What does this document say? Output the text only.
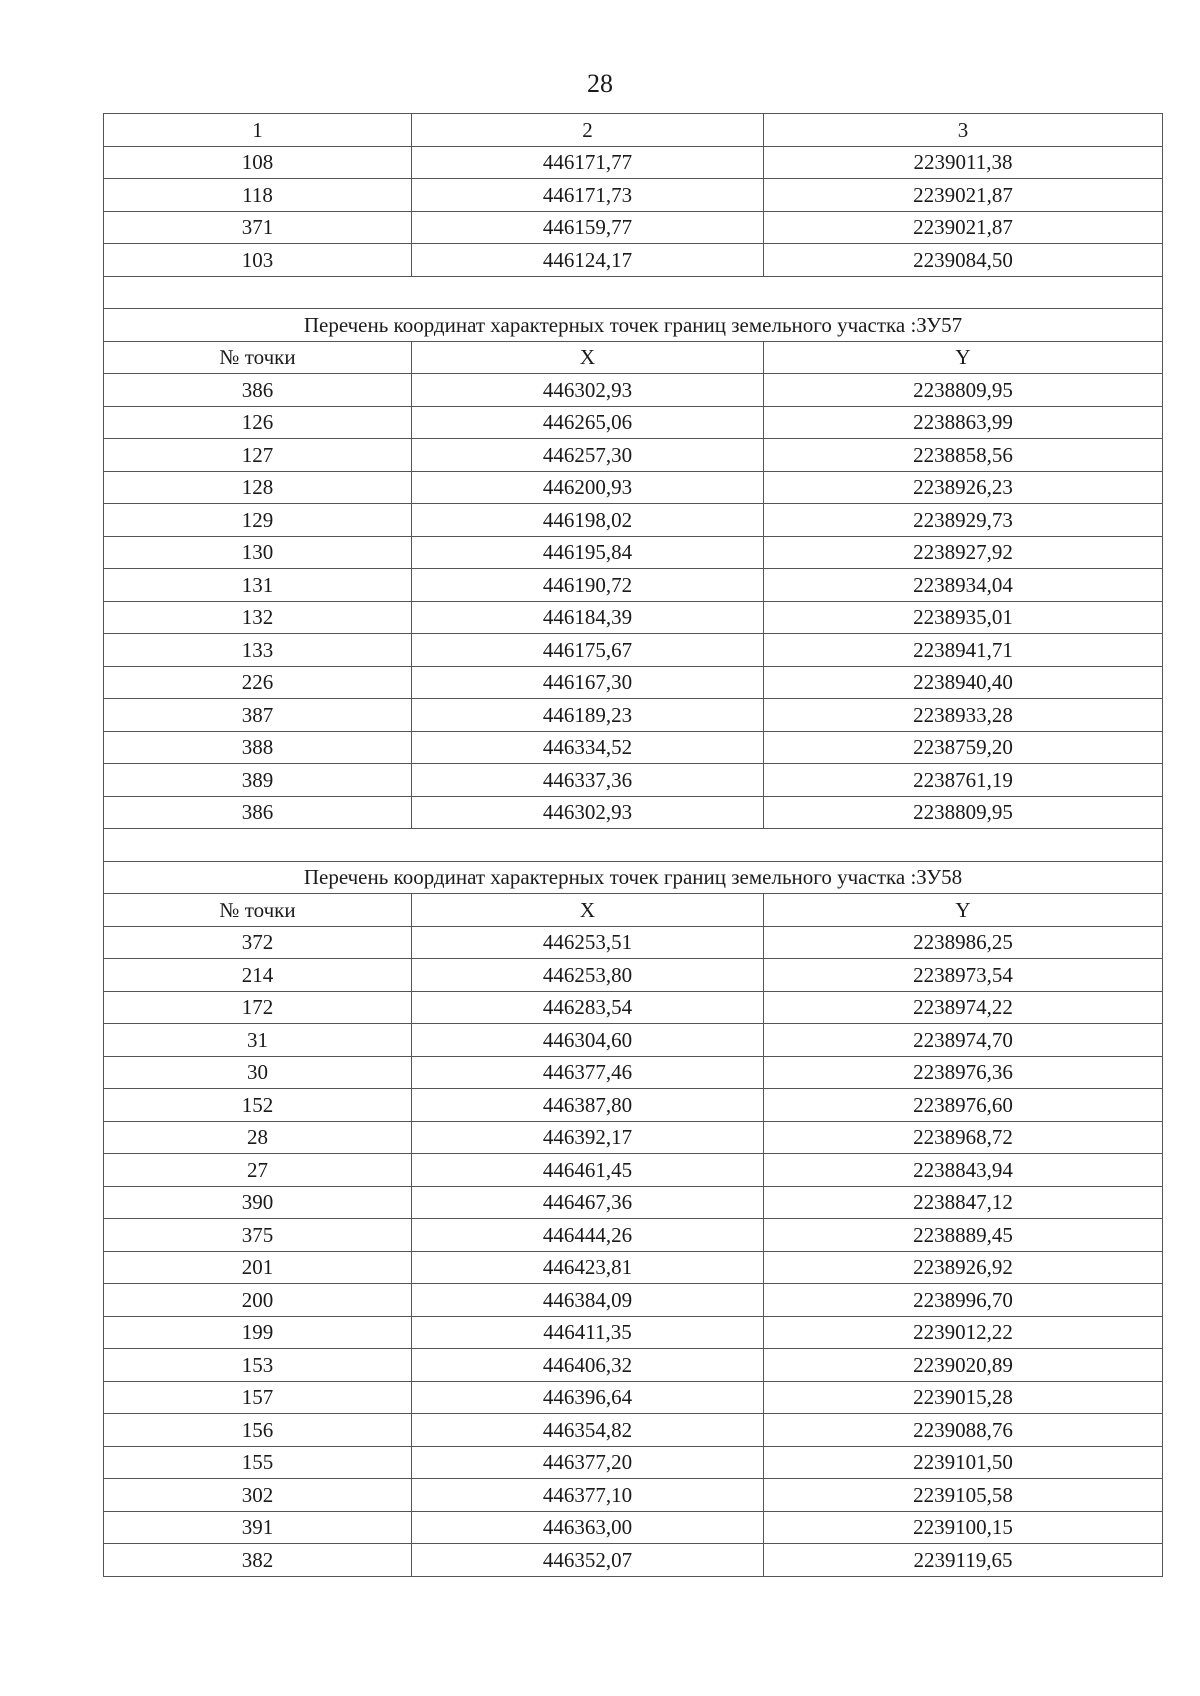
28
1	2	3
108	446171,77	2239011,38
118	446171,73	2239021,87
371	446159,77	2239021,87
103	446124,17	2239084,50

Перечень координат характерных точек границ земельного участка :ЗУ57		
№ точки	X	Y
386	446302,93	2238809,95
126	446265,06	2238863,99
127	446257,30	2238858,56
128	446200,93	2238926,23
129	446198,02	2238929,73
130	446195,84	2238927,92
131	446190,72	2238934,04
132	446184,39	2238935,01
133	446175,67	2238941,71
226	446167,30	2238940,40
387	446189,23	2238933,28
388	446334,52	2238759,20
389	446337,36	2238761,19
386	446302,93	2238809,95

Перечень координат характерных точек границ земельного участка :ЗУ58		
№ точки	X	Y
372	446253,51	2238986,25
214	446253,80	2238973,54
172	446283,54	2238974,22
31	446304,60	2238974,70
30	446377,46	2238976,36
152	446387,80	2238976,60
28	446392,17	2238968,72
27	446461,45	2238843,94
390	446467,36	2238847,12
375	446444,26	2238889,45
201	446423,81	2238926,92
200	446384,09	2238996,70
199	446411,35	2239012,22
153	446406,32	2239020,89
157	446396,64	2239015,28
156	446354,82	2239088,76
155	446377,20	2239101,50
302	446377,10	2239105,58
391	446363,00	2239100,15
382	446352,07	2239119,65
